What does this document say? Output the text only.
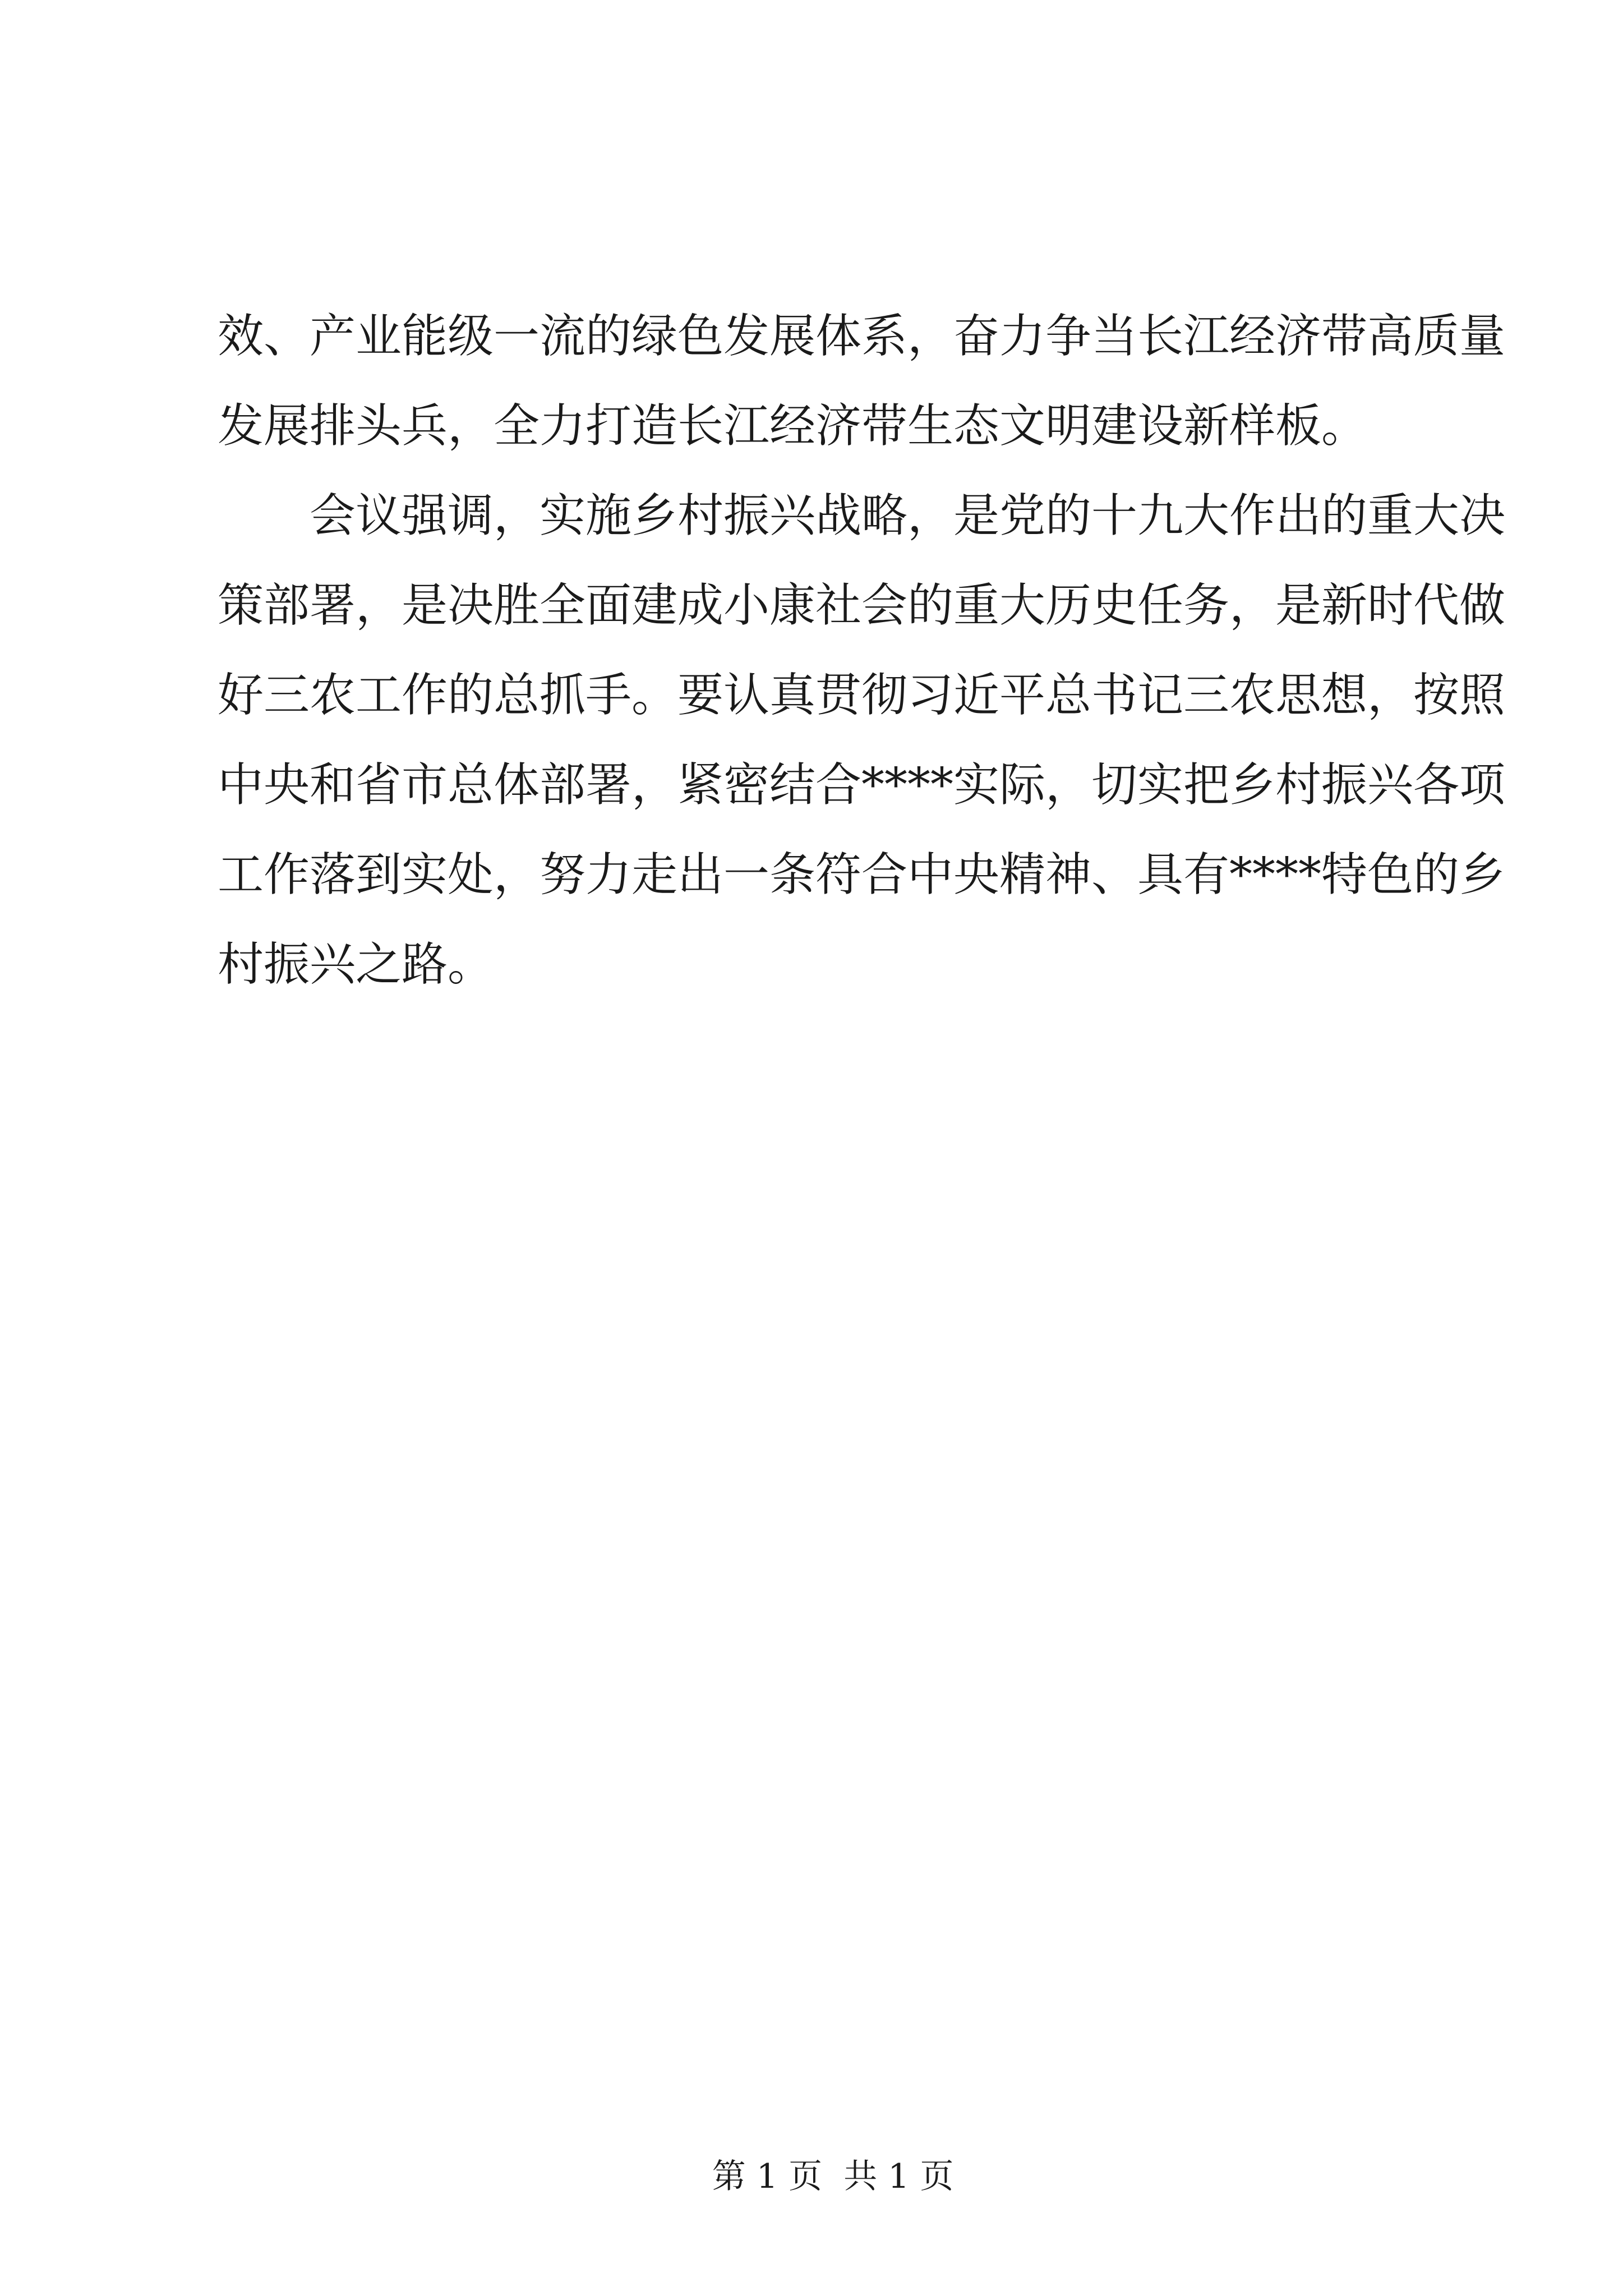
效、产业能级一流的绿色发展体系，奋力争当长江经济带高质量
发展排头兵，全力打造长江经济带生态文明建设新样板。
会议强调，实施乡村振兴战略，是党的十九大作出的重大决
策部署，是决胜全面建成小康社会的重大历史任务，是新时代做
好三农工作的总抓手。要认真贯彻习近平总书记三农思想，按照
中央和省市总体部署，紧密结合****实际，切实把乡村振兴各项
工作落到实处，努力走出一条符合中央精神、具有****特色的乡
村振兴之路。

第 1 页  共 1 页
